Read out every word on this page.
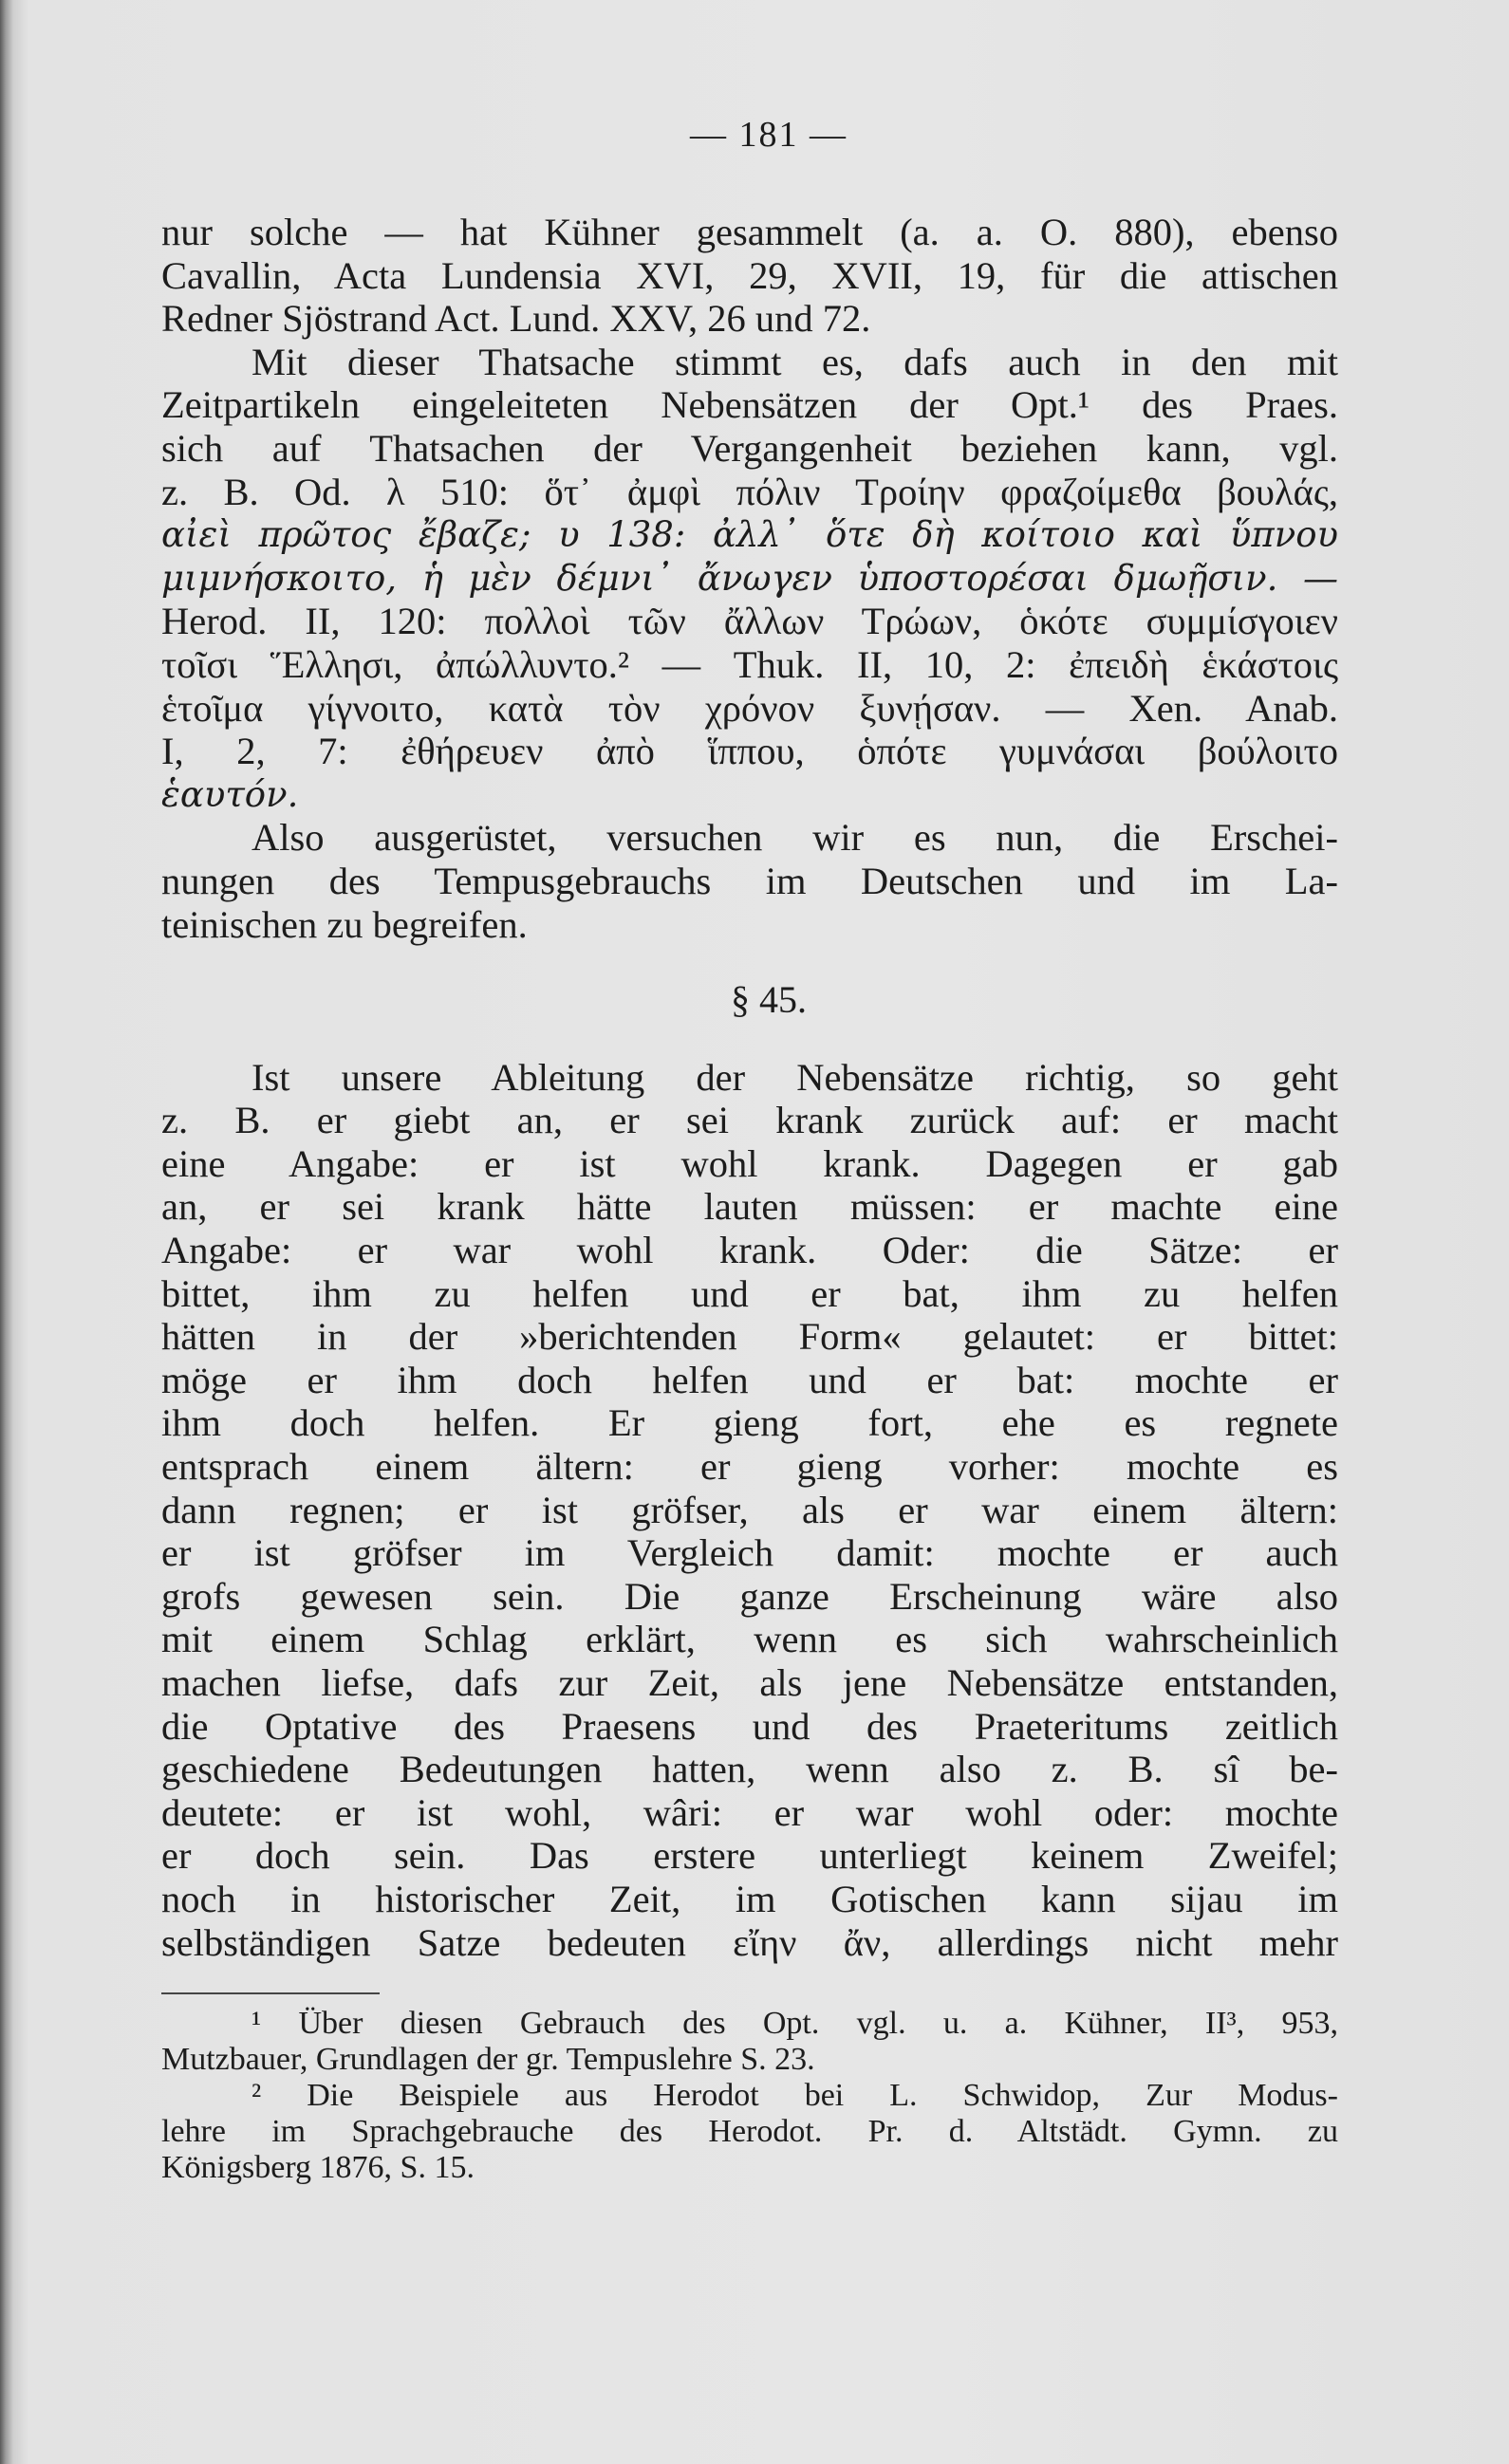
— 181 —
nur solche — hat Kühner gesammelt (a. a. O. 880), ebenso
Cavallin, Acta Lundensia XVI, 29, XVII, 19, für die attischen
Redner Sjöstrand Act. Lund. XXV, 26 und 72.
Mit dieser Thatsache stimmt es, dafs auch in den mit
Zeitpartikeln eingeleiteten Nebensätzen der Opt.¹ des Praes.
sich auf Thatsachen der Vergangenheit beziehen kann, vgl.
z. B. Od. λ 510: ὅτ᾽ ἀμφὶ πόλιν Τροίην φραζοίμεθα βουλάς,
αἰεὶ πρῶτος ἔβαζε; υ 138: ἀλλ᾽ ὅτε δὴ κοίτοιο καὶ ὕπνου
μιμνήσκοιτο, ἡ μὲν δέμνι᾽ ἄνωγεν ὑποστορέσαι δμωῇσιν. —
Herod. II, 120: πολλοὶ τῶν ἄλλων Τρώων, ὁκότε συμμίσγοιεν
τοῖσι Ἕλλησι, ἀπώλλυντο.² — Thuk. II, 10, 2: ἐπειδὴ ἑκάστοις
ἑτοῖμα γίγνοιτο, κατὰ τὸν χρόνον ξυνῄσαν. — Xen. Anab.
I, 2, 7: ἐθήρευεν ἀπὸ ἵππου, ὁπότε γυμνάσαι βούλοιτο
ἑαυτόν.
Also ausgerüstet, versuchen wir es nun, die Erschei-
nungen des Tempusgebrauchs im Deutschen und im La-
teinischen zu begreifen.
§ 45.
Ist unsere Ableitung der Nebensätze richtig, so geht
z. B. er giebt an, er sei krank zurück auf: er macht
eine Angabe: er ist wohl krank. Dagegen er gab
an, er sei krank hätte lauten müssen: er machte eine
Angabe: er war wohl krank. Oder: die Sätze: er
bittet, ihm zu helfen und er bat, ihm zu helfen
hätten in der »berichtenden Form« gelautet: er bittet:
möge er ihm doch helfen und er bat: mochte er
ihm doch helfen. Er gieng fort, ehe es regnete
entsprach einem ältern: er gieng vorher: mochte es
dann regnen; er ist gröfser, als er war einem ältern:
er ist gröfser im Vergleich damit: mochte er auch
grofs gewesen sein. Die ganze Erscheinung wäre also
mit einem Schlag erklärt, wenn es sich wahrscheinlich
machen liefse, dafs zur Zeit, als jene Nebensätze entstanden,
die Optative des Praesens und des Praeteritums zeitlich
geschiedene Bedeutungen hatten, wenn also z. B. sî be-
deutete: er ist wohl, wâri: er war wohl oder: mochte
er doch sein. Das erstere unterliegt keinem Zweifel;
noch in historischer Zeit, im Gotischen kann sijau im
selbständigen Satze bedeuten εἴην ἄν, allerdings nicht mehr
¹ Über diesen Gebrauch des Opt. vgl. u. a. Kühner, II³, 953,
Mutzbauer, Grundlagen der gr. Tempuslehre S. 23.
² Die Beispiele aus Herodot bei L. Schwidop, Zur Modus-
lehre im Sprachgebrauche des Herodot. Pr. d. Altstädt. Gymn. zu
Königsberg 1876, S. 15.
